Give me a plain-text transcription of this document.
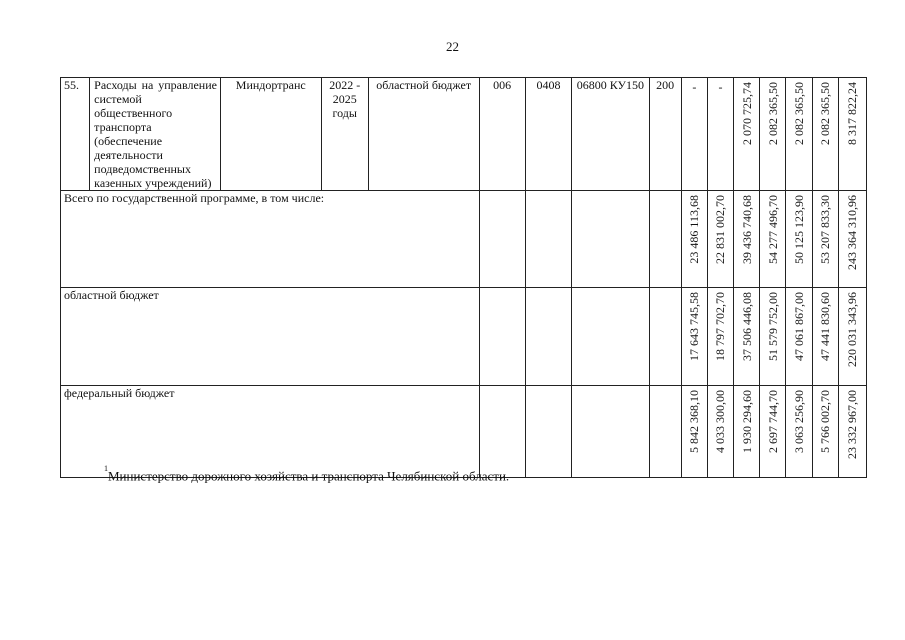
22
55.	Расходы на управление системой общественного транспорта (обеспечение деятельности подведомственных казенных учреждений)	Миндортранс	2022 - 2025 годы	областной бюджет	006	0408	06800 КУ150	200	-	-	2 070 725,74	2 082 365,50	2 082 365,50	2 082 365,50	8 317 822,24

Всего по государственной программе, в том числе:									23 486 113,68	22 831 002,70	39 436 740,68	54 277 496,70	50 125 123,90	53 207 833,30	243 364 310,96

областной бюджет									17 643 745,58	18 797 702,70	37 506 446,08	51 579 752,00	47 061 867,00	47 441 830,60	220 031 343,96

федеральный бюджет									5 842 368,10	4 033 300,00	1 930 294,60	2 697 744,70	3 063 256,90	5 766 002,70	23 332 967,00
$^1$Министерство дорожного хозяйства и транспорта Челябинской области.
